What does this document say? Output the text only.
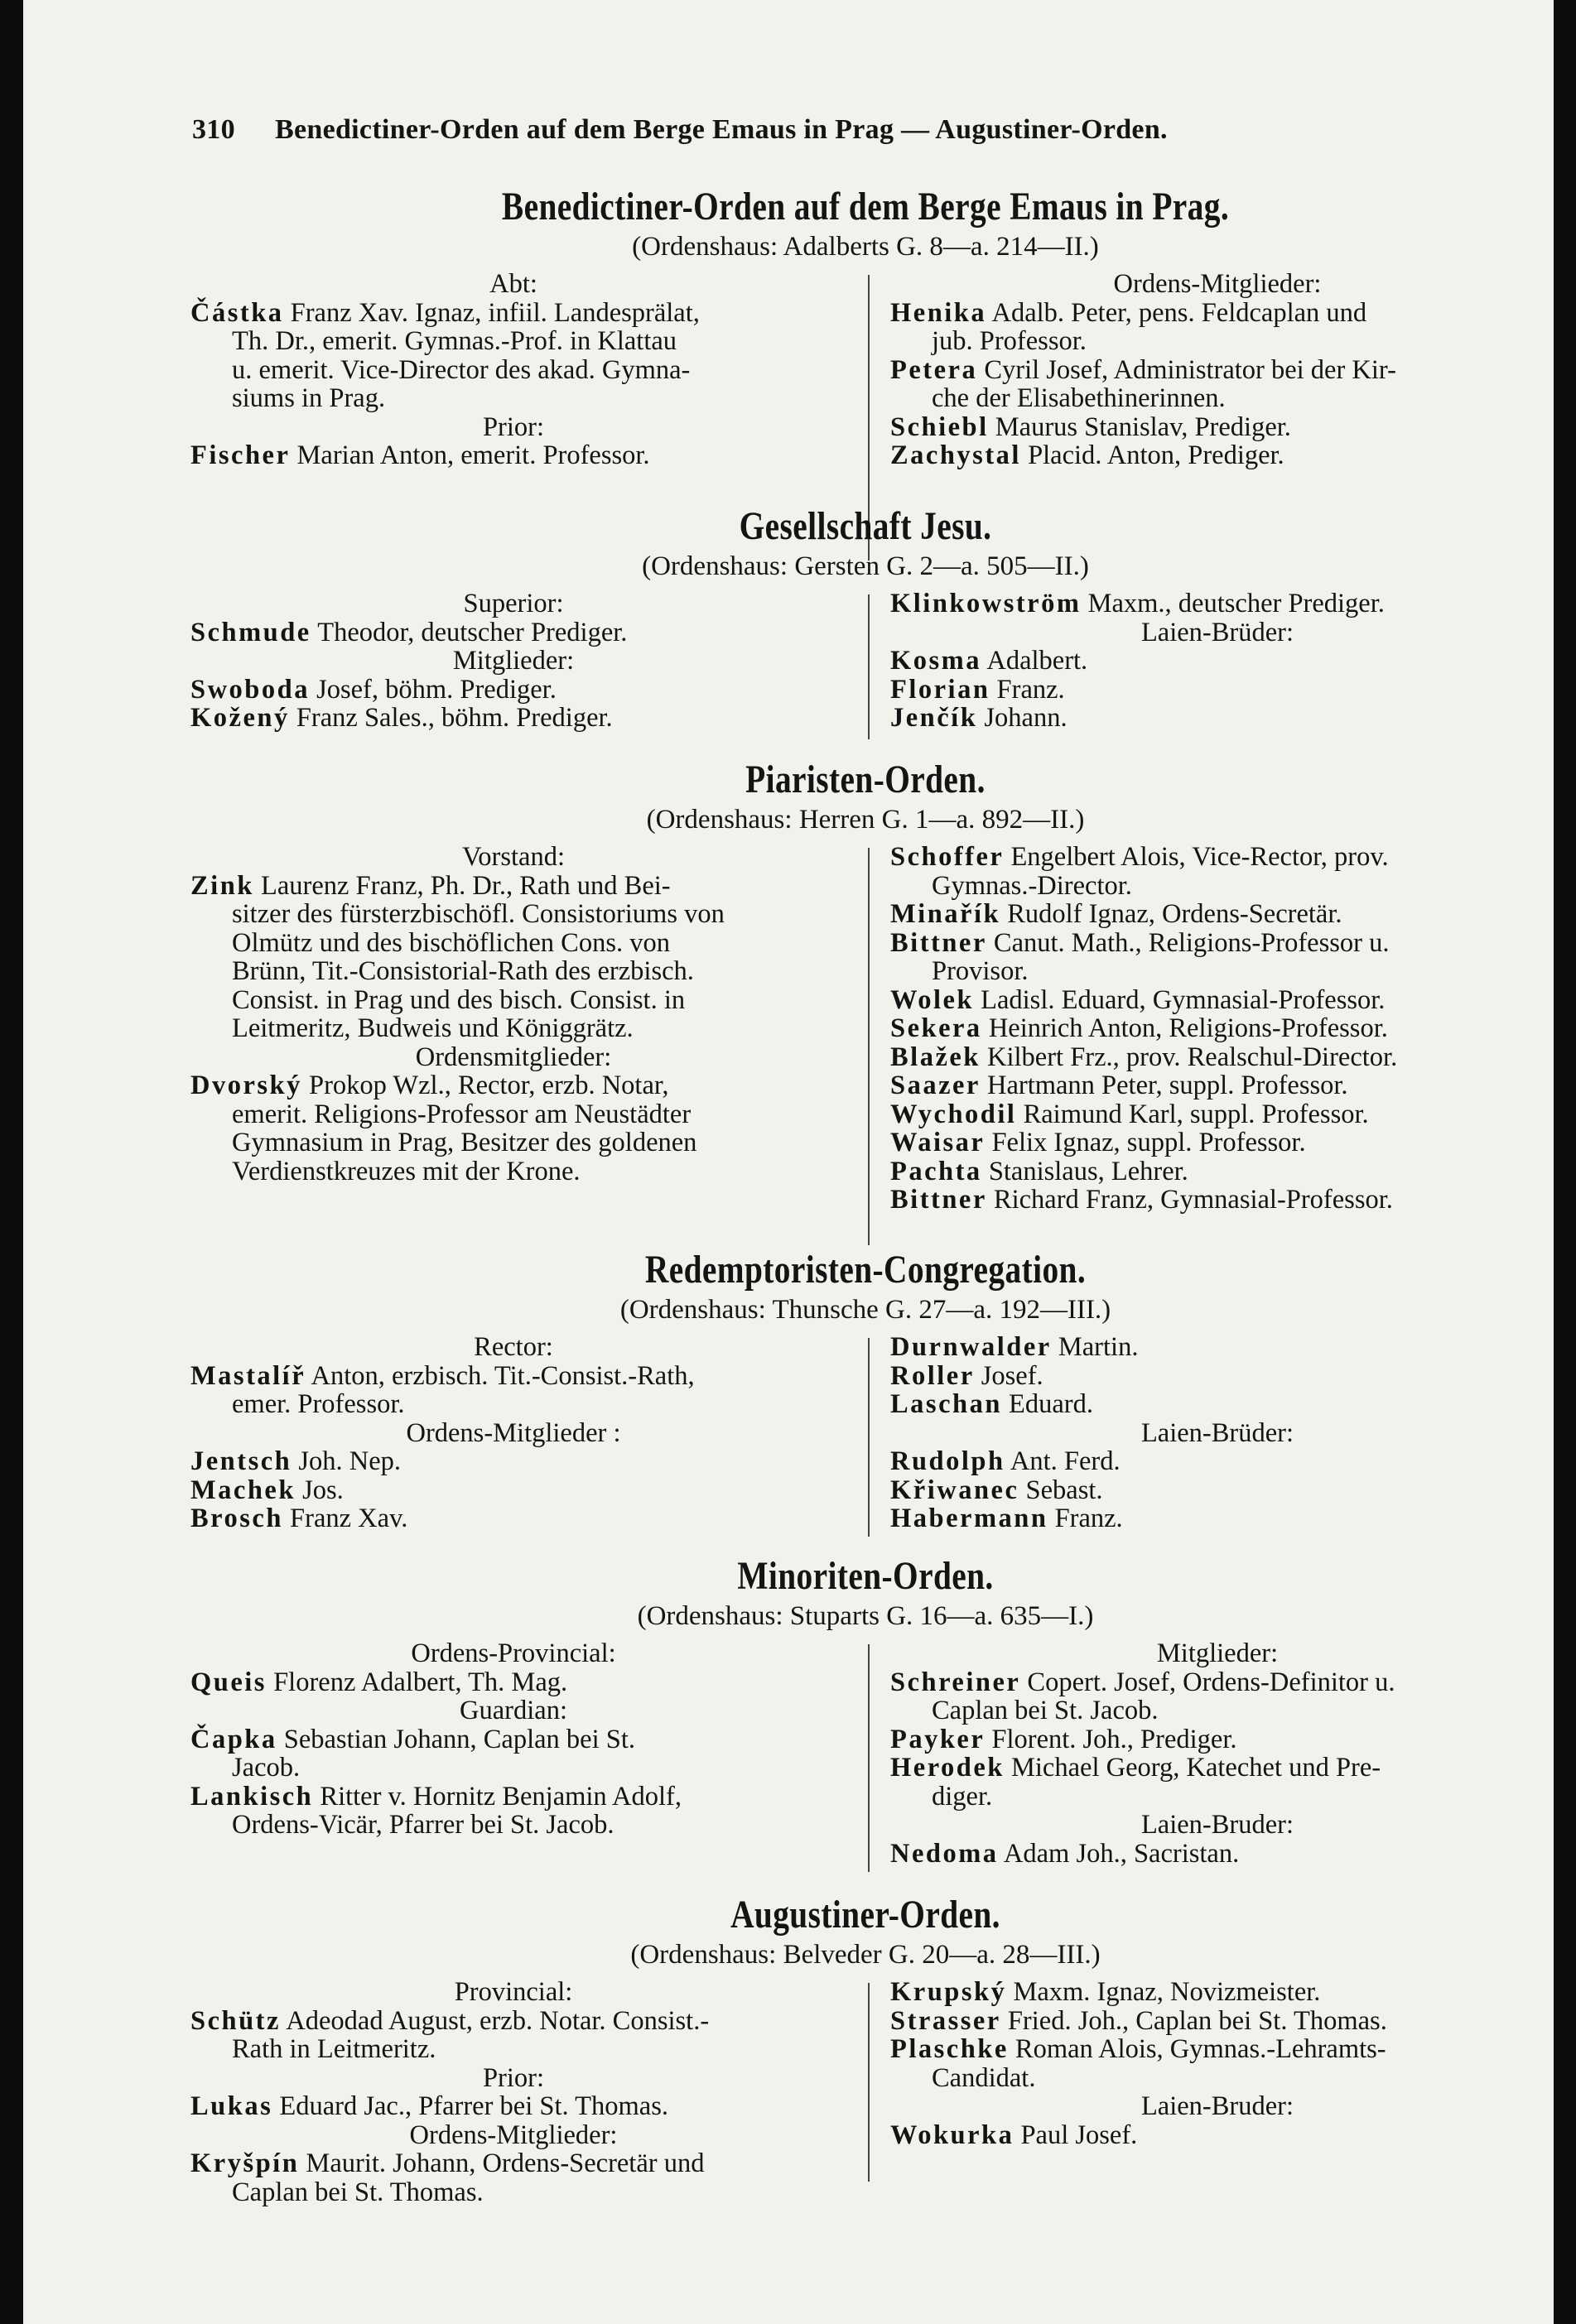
310 Benedictiner-Orden auf dem Berge Emaus in Prag — Augustiner-Orden.
Benedictiner-Orden auf dem Berge Emaus in Prag.
(Ordenshaus: Adalberts G. 8—a. 214—II.)
Abt:
Částka Franz Xav. Ignaz, infiil. Landesprälat,
Th. Dr., emerit. Gymnas.-Prof. in Klattau
u. emerit. Vice-Director des akad. Gymna-
siums in Prag.
Prior:
Fischer Marian Anton, emerit. Professor.
Ordens-Mitglieder:
Henika Adalb. Peter, pens. Feldcaplan und
jub. Professor.
Petera Cyril Josef, Administrator bei der Kir-
che der Elisabethinerinnen.
Schiebl Maurus Stanislav, Prediger.
Zachystal Placid. Anton, Prediger.
Gesellschaft Jesu.
(Ordenshaus: Gersten G. 2—a. 505—II.)
Superior:
Schmude Theodor, deutscher Prediger.
Mitglieder:
Swoboda Josef, böhm. Prediger.
Kožený Franz Sales., böhm. Prediger.
Klinkowström Maxm., deutscher Prediger.
Laien-Brüder:
Kosma Adalbert.
Florian Franz.
Jenčík Johann.
Piaristen-Orden.
(Ordenshaus: Herren G. 1—a. 892—II.)
Vorstand:
Zink Laurenz Franz, Ph. Dr., Rath und Bei-
sitzer des fürsterzbischöfl. Consistoriums von
Olmütz und des bischöflichen Cons. von
Brünn, Tit.-Consistorial-Rath des erzbisch.
Consist. in Prag und des bisch. Consist. in
Leitmeritz, Budweis und Königgrätz.
Ordensmitglieder:
Dvorský Prokop Wzl., Rector, erzb. Notar,
emerit. Religions-Professor am Neustädter
Gymnasium in Prag, Besitzer des goldenen
Verdienstkreuzes mit der Krone.
Schoffer Engelbert Alois, Vice-Rector, prov.
Gymnas.-Director.
Minařík Rudolf Ignaz, Ordens-Secretär.
Bittner Canut. Math., Religions-Professor u.
Provisor.
Wolek Ladisl. Eduard, Gymnasial-Professor.
Sekera Heinrich Anton, Religions-Professor.
Blažek Kilbert Frz., prov. Realschul-Director.
Saazer Hartmann Peter, suppl. Professor.
Wychodil Raimund Karl, suppl. Professor.
Waisar Felix Ignaz, suppl. Professor.
Pachta Stanislaus, Lehrer.
Bittner Richard Franz, Gymnasial-Professor.
Redemptoristen-Congregation.
(Ordenshaus: Thunsche G. 27—a. 192—III.)
Rector:
Mastalíř Anton, erzbisch. Tit.-Consist.-Rath,
emer. Professor.
Ordens-Mitglieder :
Jentsch Joh. Nep.
Machek Jos.
Brosch Franz Xav.
Durnwalder Martin.
Roller Josef.
Laschan Eduard.
Laien-Brüder:
Rudolph Ant. Ferd.
Křiwanec Sebast.
Habermann Franz.
Minoriten-Orden.
(Ordenshaus: Stuparts G. 16—a. 635—I.)
Ordens-Provincial:
Queis Florenz Adalbert, Th. Mag.
Guardian:
Čapka Sebastian Johann, Caplan bei St.
Jacob.
Lankisch Ritter v. Hornitz Benjamin Adolf,
Ordens-Vicär, Pfarrer bei St. Jacob.
Mitglieder:
Schreiner Copert. Josef, Ordens-Definitor u.
Caplan bei St. Jacob.
Payker Florent. Joh., Prediger.
Herodek Michael Georg, Katechet und Pre-
diger.
Laien-Bruder:
Nedoma Adam Joh., Sacristan.
Augustiner-Orden.
(Ordenshaus: Belveder G. 20—a. 28—III.)
Provincial:
Schütz Adeodad August, erzb. Notar. Consist.-
Rath in Leitmeritz.
Prior:
Lukas Eduard Jac., Pfarrer bei St. Thomas.
Ordens-Mitglieder:
Kryšpín Maurit. Johann, Ordens-Secretär und
Caplan bei St. Thomas.
Krupský Maxm. Ignaz, Novizmeister.
Strasser Fried. Joh., Caplan bei St. Thomas.
Plaschke Roman Alois, Gymnas.-Lehramts-
Candidat.
Laien-Bruder:
Wokurka Paul Josef.
